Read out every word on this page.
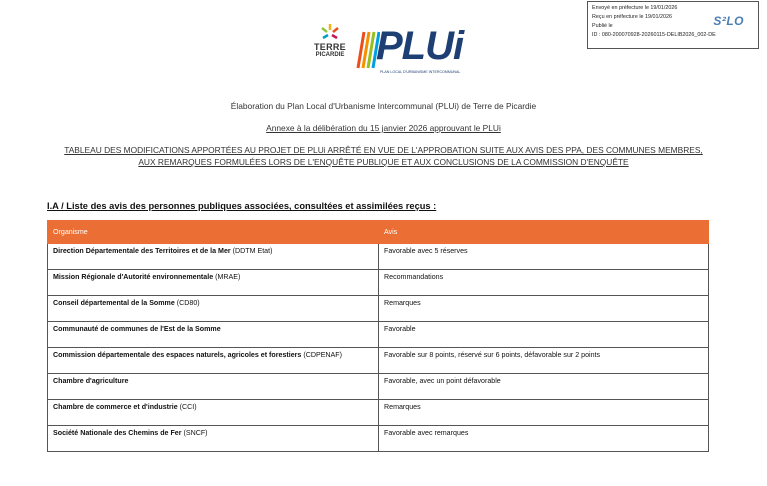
Envoyé en préfecture le 19/01/2026
Reçu en préfecture le 19/01/2026
Publié le
ID : 080-200070928-20260115-DELIB2026_002-DE
S²LO
TERRE
PICARDIE PLUi
PLAN LOCAL D'URBANISME INTERCOMMUNAL
Élaboration du Plan Local d'Urbanisme Intercommunal (PLUi) de Terre de Picardie
Annexe à la délibération du 15 janvier 2026 approuvant le PLUi
TABLEAU DES MODIFICATIONS APPORTÉES AU PROJET DE PLUi ARRÊTÉ EN VUE DE L'APPROBATION SUITE AUX AVIS DES PPA, DES COMMUNES MEMBRES,
AUX REMARQUES FORMULÉES LORS DE L'ENQUÊTE PUBLIQUE ET AUX CONCLUSIONS DE LA COMMISSION D'ENQUÊTE
I.A / Liste des avis des personnes publiques associées, consultées et assimilées reçus :
Organisme	Avis
Direction Départementale des Territoires et de la Mer (DDTM Etat)	Favorable avec 5 réserves
Mission Régionale d'Autorité environnementale (MRAE)	Recommandations
Conseil départemental de la Somme (CD80)	Remarques
Communauté de communes de l'Est de la Somme	Favorable
Commission départementale des espaces naturels, agricoles et forestiers (CDPENAF)	Favorable sur 8 points, réservé sur 6 points, défavorable sur 2 points
Chambre d'agriculture	Favorable, avec un point défavorable
Chambre de commerce et d'industrie (CCI)	Remarques
Société Nationale des Chemins de Fer (SNCF)	Favorable avec remarques
